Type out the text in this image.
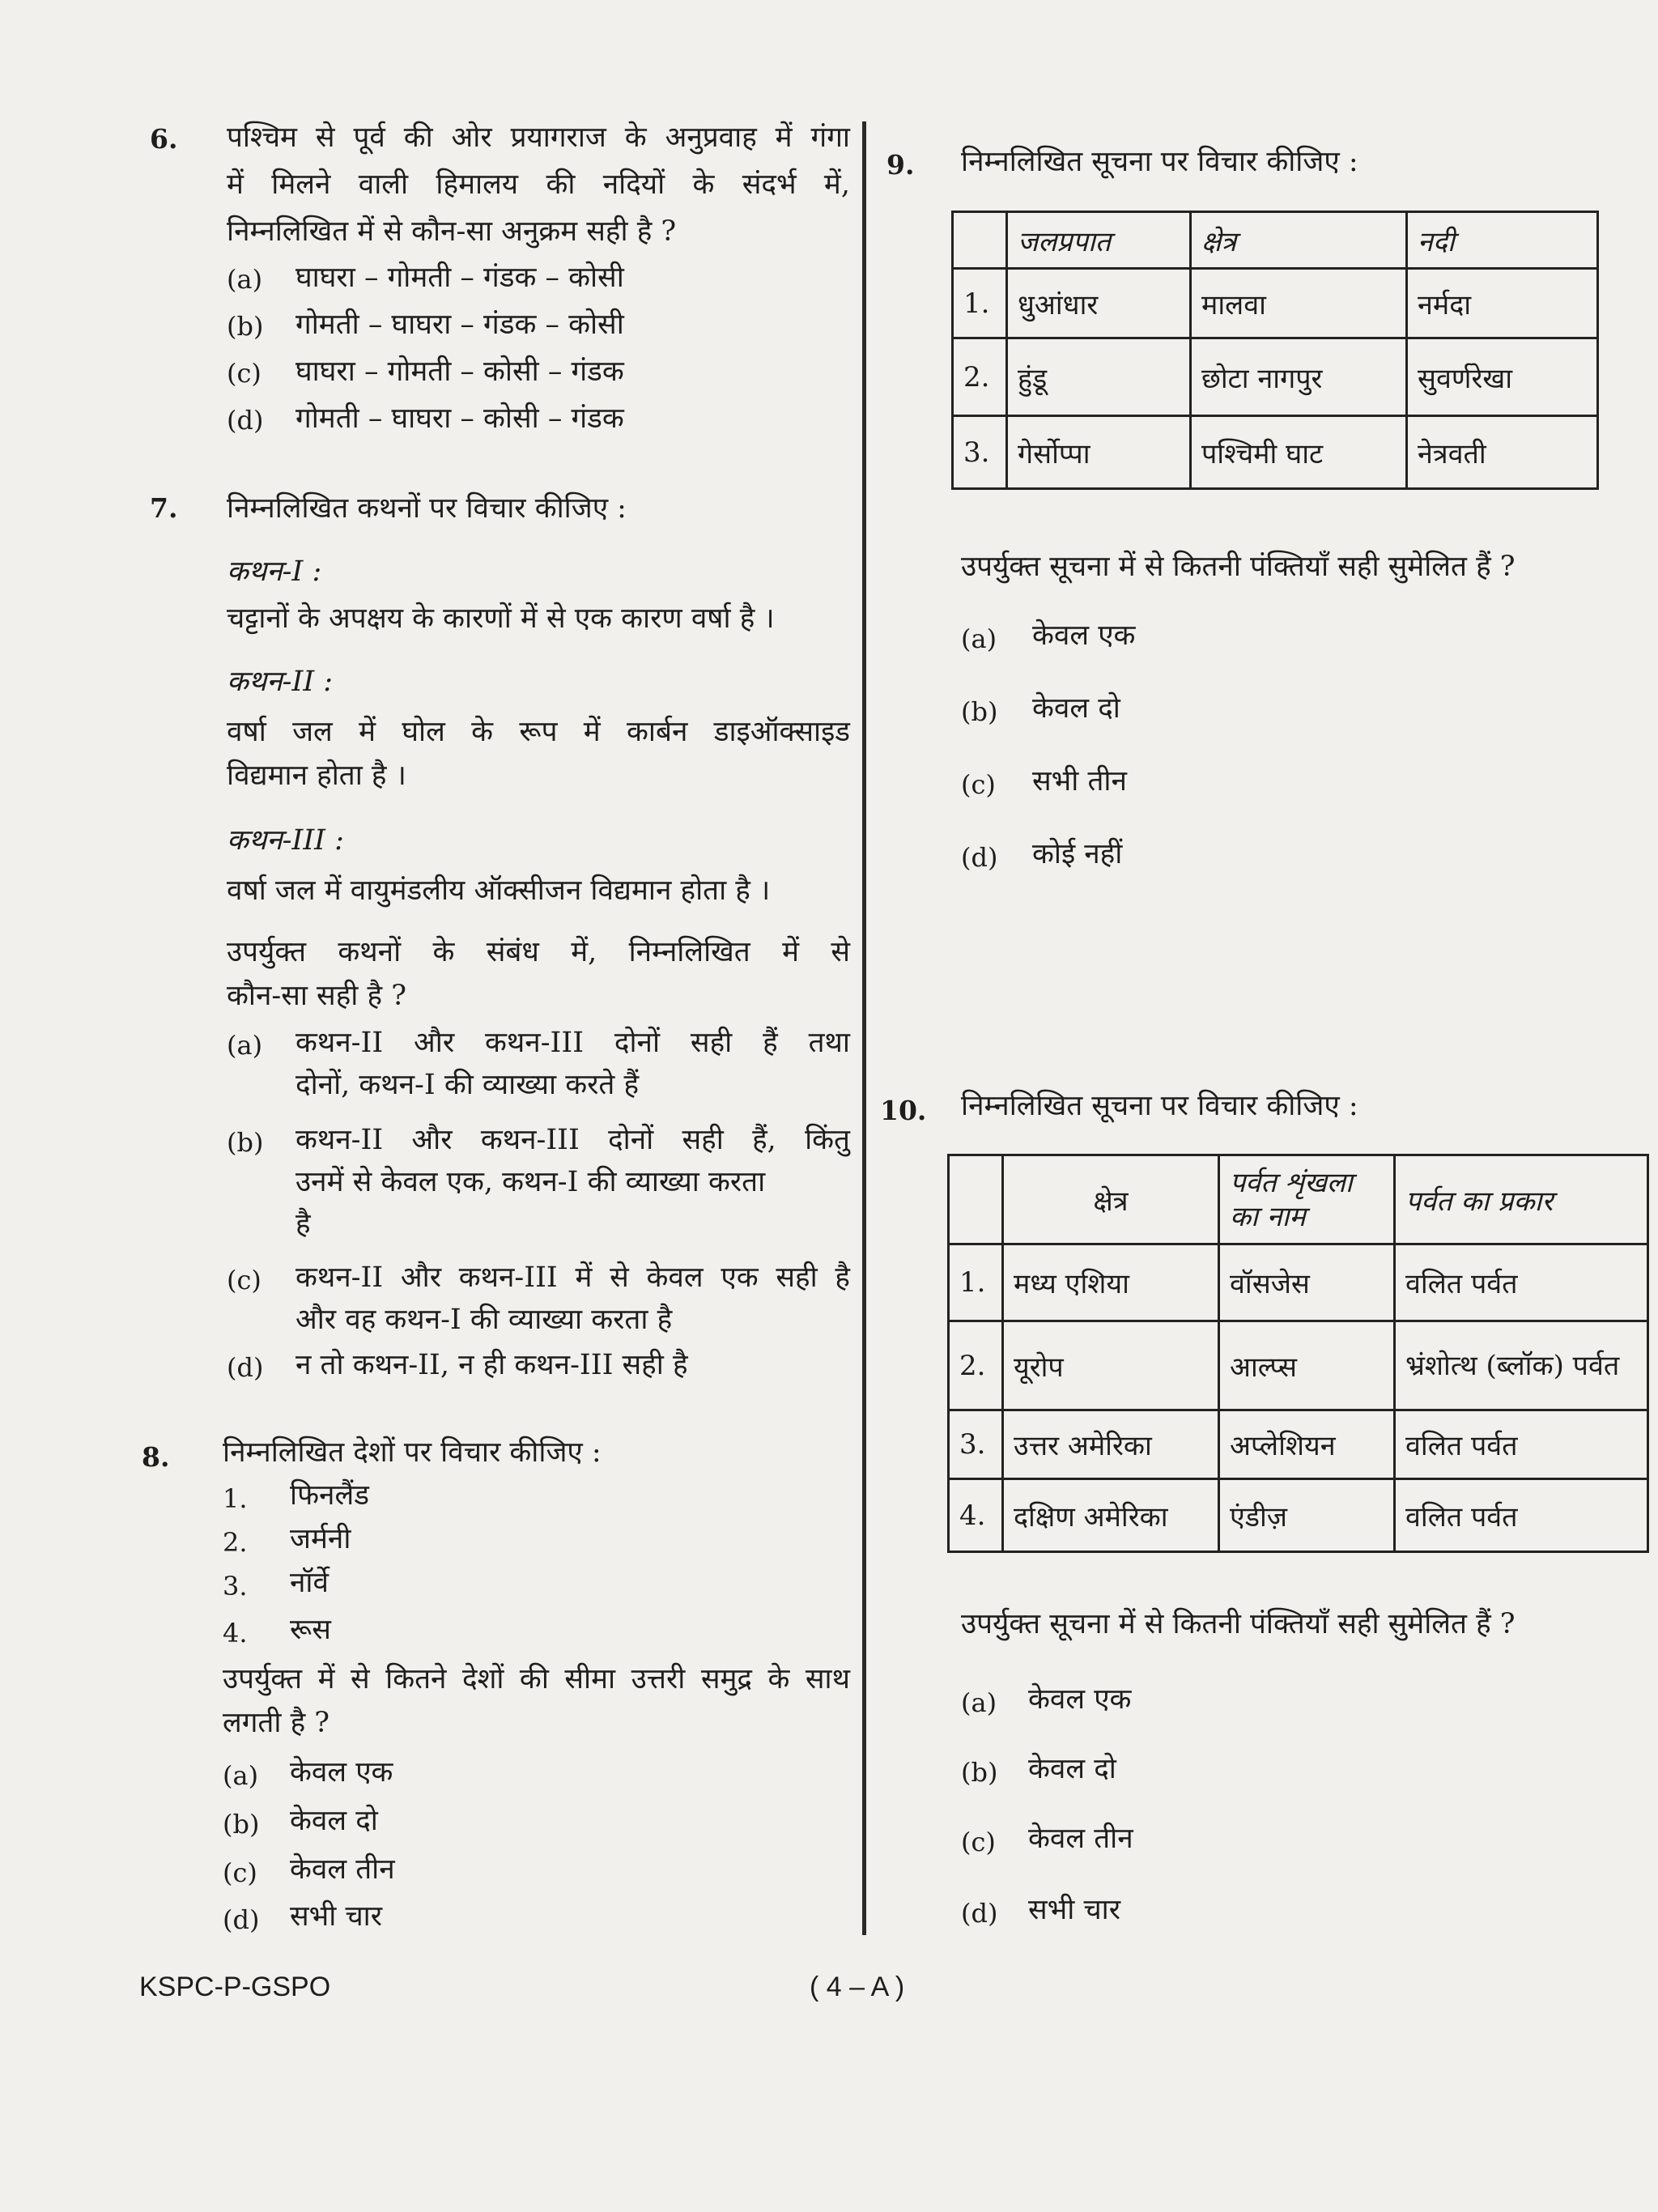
6. पश्चिम से पूर्व की ओर प्रयागराज के अनुप्रवाह में गंगा
में मिलने वाली हिमालय की नदियों के संदर्भ में,
निम्नलिखित में से कौन-सा अनुक्रम सही है ?
(a) घाघरा – गोमती – गंडक – कोसी
(b) गोमती – घाघरा – गंडक – कोसी
(c) घाघरा – गोमती – कोसी – गंडक
(d) गोमती – घाघरा – कोसी – गंडक
7. निम्नलिखित कथनों पर विचार कीजिए :
कथन-I :
चट्टानों के अपक्षय के कारणों में से एक कारण वर्षा है ।
कथन-II :
वर्षा जल में घोल के रूप में कार्बन डाइऑक्साइड
विद्यमान होता है ।
कथन-III :
वर्षा जल में वायुमंडलीय ऑक्सीजन विद्यमान होता है ।
उपर्युक्त कथनों के संबंध में, निम्नलिखित में से
कौन-सा सही है ?
(a) कथन-II और कथन-III दोनों सही हैं तथा
दोनों, कथन-I की व्याख्या करते हैं
(b) कथन-II और कथन-III दोनों सही हैं, किंतु
उनमें से केवल एक, कथन-I की व्याख्या करता
है
(c) कथन-II और कथन-III में से केवल एक सही है
और वह कथन-I की व्याख्या करता है
(d) न तो कथन-II, न ही कथन-III सही है
8. निम्नलिखित देशों पर विचार कीजिए :
1. फिनलैंड
2. जर्मनी
3. नॉर्वे
4. रूस
उपर्युक्त में से कितने देशों की सीमा उत्तरी समुद्र के साथ
लगती है ?
(a) केवल एक
(b) केवल दो
(c) केवल तीन
(d) सभी चार
9. निम्नलिखित सूचना पर विचार कीजिए :
	जलप्रपात	क्षेत्र	नदी
1.	धुआंधार	मालवा	नर्मदा
2.	हुंडू	छोटा नागपुर	सुवर्णरेखा
3.	गेर्सोप्पा	पश्चिमी घाट	नेत्रवती
उपर्युक्त सूचना में से कितनी पंक्तियाँ सही सुमेलित हैं ?
(a) केवल एक
(b) केवल दो
(c) सभी तीन
(d) कोई नहीं
10. निम्नलिखित सूचना पर विचार कीजिए :
	क्षेत्र	पर्वत शृंखला का नाम	पर्वत का प्रकार
1.	मध्य एशिया	वॉसजेस	वलित पर्वत
2.	यूरोप	आल्प्स	भ्रंशोत्थ (ब्लॉक) पर्वत
3.	उत्तर अमेरिका	अप्लेशियन	वलित पर्वत
4.	दक्षिण अमेरिका	एंडीज़	वलित पर्वत
उपर्युक्त सूचना में से कितनी पंक्तियाँ सही सुमेलित हैं ?
(a) केवल एक
(b) केवल दो
(c) केवल तीन
(d) सभी चार
KSPC-P-GSPO	( 4 – A )
